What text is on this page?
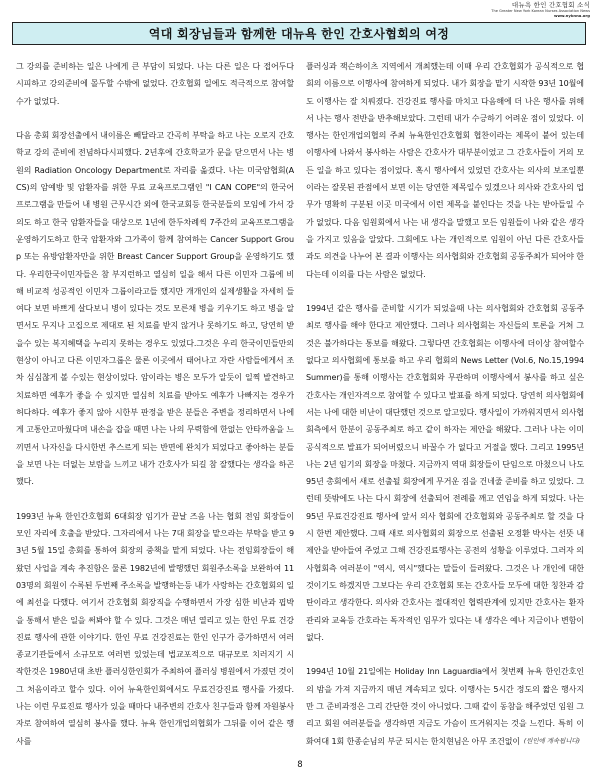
대뉴욕 한인 간호협회 소식
The Greater New York Korean Nurses Association News
www.nyknna.org
역대 회장님들과 함께한 대뉴욕 한인 간호사협회의 여정

그 강의를 준비하는 일은 나에게 큰 부담이 되었다. 나는 다른 일은 다 접어두다 시피하고 강의준비에 몰두할 수밖에 없었다. 간호협회 일에도 적극적으로 참여할 수가 없었다.

다음 총회 회장선출에서 내이름은 빼달라고 간곡히 부탁을 하고 나는 오로지 간호학교 강의 준비에 전념하다시피했다. 2년후에 간호학교가 문을 닫으면서 나는 병원의 Radiation Oncology Department로 자리를 옮겼다. 나는 미국암협회(ACS)의 암예방 및 암환자를 위한 무료 교육프로그램인 "I CAN COPE"의 한국어 프로그램을 만들어 내 병원 근무시간 외에 한국교회등 한국분들의 모임에 가서 강의도 하고 한국 암환자들을 대상으로 1년에 한두차례씩 7주간의 교육프로그램을 운영하기도하고 한국 암환자와 그가족이 함께 참여하는 Cancer Support Group 또는 유방암환자만을 위한 Breast Cancer Support Group을 운영하기도 했다. 우리한국이민자들은 참 부지런하고 열심히 일을 해서 다른 이민자 그룹에 비해 비교적 성공적인 이민자 그룹이라고들 했지만 개개인의 실제생활을 자세히 들여다 보면 바쁘게 살다보니 병이 있다는 것도 모른채 병을 키우기도 하고 병을 알면서도 무지나 고집으로 제대로 된 치료를 받지 않거나 못하기도 하고, 당연히 받을수 있는 복지혜택을 누리지 못하는 경우도 있었다.그것은 우리 한국이민들만의 현상이 아니고 다른 이민자그룹은 물론 이곳에서 태어나고 자란 사람들에게서 조차 심심찮게 볼 수있는 현상이었다. 암이라는 병은 모두가 알듯이 일찍 발견하고 치료하면 예후가 좋을 수 있지만 열심히 치료를 받아도 예후가 나빠지는 경우가 허다하다. 예후가 좋지 않아 시한부 판정을 받은 분들은 주변을 정리하면서 나에게 고통안고마웠다며 내손을 잡을 때면 나는 나의 무력함에 한없는 안타까움을 느끼면서 나자신을 다시한번 추스르게 되는 반면에 완치가 되었다고 좋아하는 분들을 보면 나는 더없는 보람을 느끼고 내가 간호사가 되길 참 잘했다는 생각을 하곤했다.

1993년 뉴욕 한인간호협회 6대회장 임기가 끝날 즈음 나는 협회 전임 회장들이 모인 자리에 호출을 받았다. 그자리에서 나는 7대 회장을 맡으라는 부탁을 받고 93년 5월 15일 총회를 통하여 회장의 중책을 맡게 되었다. 나는 전임회장들이 해왔던 사업을 계속 추진함은 물론 1982년에 발행했던 회원주소록을 보완하여 1103명의 회원이 수록된 두번째 주소록을 발행하는등 내가 사랑하는 간호협회의 일에 최선을 다했다. 여기서 간호협회 회장직을 수행하면서 가장 심한 비난과 핍박을 통해서 받은 일을 써봐야 할 수 있다. 그것은 매년 열리고 있는 한인 무료 건강진료 행사에 관한 이야기다. 한인 무료 건강진료는 한인 인구가 증가하면서 여러 종교기관들에서 소규모로 여러번 있었는데 법교포적으로 대규모로 치러지기 시작한것은 1980년대 초반 플러싱한인회가 주최하여 플러싱 병원에서 가졌던 것이 그 처음이라고 할수 있다. 이어 뉴욕한인회에서도 무료건강진료 행사를 가졌다. 나는 이런 무료진료 행사가 있을 때마다 내주변의 간호사 친구들과 함께 자원봉사자로 참여하여 열심히 봉사를 했다. 뉴욕 한인개업의협회가 그뒤를 이어 같은 행사를

플러싱과 잭슨하이츠 지역에서 개최했는데 이때 우리 간호협회가 공식적으로 협회의 이름으로 이행사에 참여하게 되었다. 내가 회장을 맡기 시작한 93년 10월에도 이행사는 잘 치뤄졌다. 건강진료 행사를 마치고 다음해에 더 나은 행사를 위해서 나는 행사 전반을 반추해보았다. 그런데 내가 수긍하기 어려운 점이 있었다. 이행사는 한인개업의협의 주최 뉴욕한인간호협회 협찬이라는 제목이 붙어 있는데 이행사에 나와서 봉사하는 사람은 간호사가 대부분이었고 그 간호사들이 거의 모든 일을 하고 있다는 점이었다. 혹시 행사에서 있었던 간호사는 의사의 보조일뿐이라는 잘못된 관점에서 보면 이는 당연한 제목일수 있겠으나 의사와 간호사의 업무가 명확히 구분된 이곳 미국에서 이런 제목을 붙인다는 것을 나는 받아들일 수가 없었다. 다음 임원회에서 나는 내 생각을 말했고 모든 임원들이 나와 같은 생각을 가지고 있음을 알았다. 그회에도 나는 개인적으로 임원이 아닌 다른 간호사들과도 의견을 나누어 본 결과 이행사는 의사협회와 간호협회 공동주최가 되어야 한다는데 이의를 다는 사람은 없었다.

1994년 같은 행사를 준비할 시기가 되었을때 나는 의사협회와 간호협회 공동주최로 행사를 해야 한다고 제안했다. 그러나 의사협회는 자신들의 토론을 거쳐 그것은 불가하다는 통보를 해왔다. 그렇다면 간호협회는 이행사에 더이상 참여할수 없다고 의사협회에 통보를 하고 우리 협회의 News Letter (Vol.6, No.15,1994 Summer)를 통해 이행사는 간호협회와 무관하며 이행사에서 봉사를 하고 싶은 간호사는 개인자격으로 참여할 수 있다고 발표를 하게 되었다. 당연히 의사협회에서는 나에 대한 비난이 대단했던 것으로 알고있다. 행사일이 가까워지면서 의사협회측에서 한분이 공동주최로 하고 같이 하자는 제안을 해왔다. 그러나 나는 이미 공식적으로 발표가 되어버렸으니 바꿀수 가 없다고 거절을 했다. 그리고 1995년 나는 2년 임기의 회장을 마쳤다. 지금까지 역대 회장들이 단임으로 마쳤으니 나도 95년 총회에서 새로 선출될 회장에게 무거운 짐을 건네줄 준비를 하고 있었다. 그런데 뜻밖에도 나는 다시 회장에 선출되어 전례를 깨고 연임을 하게 되었다. 나는 95년 무료건강진료 행사에 앞서 의사 협회에 간호협회와 공동주최로 할 것을 다시 한번 제안했다. 그때 새로 의사협회의 회장으로 선출된 오정환 박사는 선뜻 내 제안을 받아들여 주었고 그해 건강진료행사는 공전의 성황을 이루었다. 그러자 의사협회측 여러분이 "역시, 역시"했다는 말들이 들려왔다. 그것은 나 개인에 대한 것이기도 하겠지만 그보다는 우리 간호협회 또는 간호사들 모두에 대한 칭찬과 감탄이라고 생각한다. 의사와 간호사는 절대적인 협력관계에 있지만 간호사는 환자 관리와 교육등 간호라는 독자적인 임무가 있다는 내 생각은 예나 지금이나 변함이 없다.

1994년 10월 21일에는 Holiday Inn Laguardia에서 첫번째 뉴욕 한인간호인의 밤을 가져 지금까지 매년 계속되고 있다. 이행사는 5시간 정도의 짧은 행사지만 그 준비과정은 그리 간단한 것이 아니었다. 그때 같이 동참을 해주었던 임원 그리고 회원 여러분들을 생각하면 지금도 가슴이 뜨거워지는 것을 느낀다. 특히 이화여대 1회 한종순님의 부군 되시는 한치현님은 아무 조건없이 (원인에 계속됩니다)

8
